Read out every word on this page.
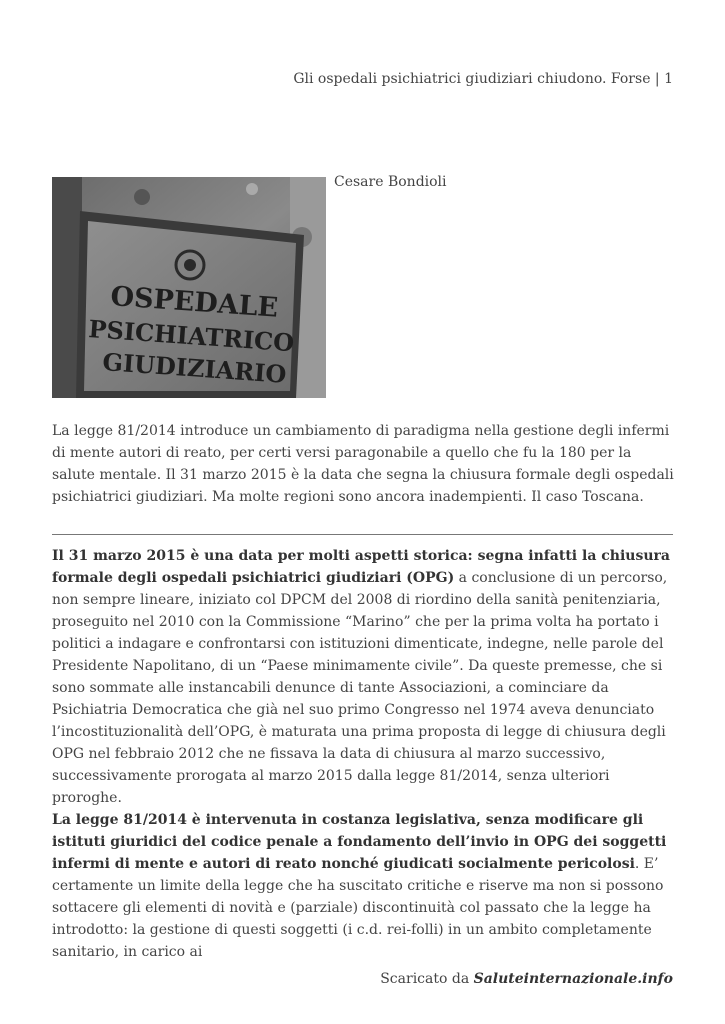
Gli ospedali psichiatrici giudiziari chiudono. Forse | 1
OSPEDALE
PSICHIATRICO
GIUDIZIARIO
Cesare Bondioli

La legge 81/2014 introduce un cambiamento di paradigma nella gestione degli infermi di mente autori di reato, per certi versi paragonabile a quello che fu la 180 per la salute mentale. Il 31 marzo 2015 è la data che segna la chiusura formale degli ospedali psichiatrici giudiziari. Ma molte regioni sono ancora inadempienti. Il caso Toscana.

Il 31 marzo 2015 è una data per molti aspetti storica: segna infatti la chiusura formale degli ospedali psichiatrici giudiziari (OPG) a conclusione di un percorso, non sempre lineare, iniziato col DPCM del 2008 di riordino della sanità penitenziaria, proseguito nel 2010 con la Commissione “Marino” che per la prima volta ha portato i politici a indagare e confrontarsi con istituzioni dimenticate, indegne, nelle parole del Presidente Napolitano, di un “Paese minimamente civile”. Da queste premesse, che si sono sommate alle instancabili denunce di tante Associazioni, a cominciare da Psichiatria Democratica che già nel suo primo Congresso nel 1974 aveva denunciato l’incostituzionalità dell’OPG, è maturata una prima proposta di legge di chiusura degli OPG nel febbraio 2012 che ne fissava la data di chiusura al marzo successivo, successivamente prorogata al marzo 2015 dalla legge 81/2014, senza ulteriori proroghe.

La legge 81/2014 è intervenuta in costanza legislativa, senza modificare gli istituti giuridici del codice penale a fondamento dell’invio in OPG dei soggetti infermi di mente e autori di reato nonché giudicati socialmente pericolosi. E’ certamente un limite della legge che ha suscitato critiche e riserve ma non si possono sottacere gli elementi di novità e (parziale) discontinuità col passato che la legge ha introdotto: la gestione di questi soggetti (i c.d. rei-folli) in un ambito completamente sanitario, in carico ai

Scaricato da Saluteinternazionale.info
